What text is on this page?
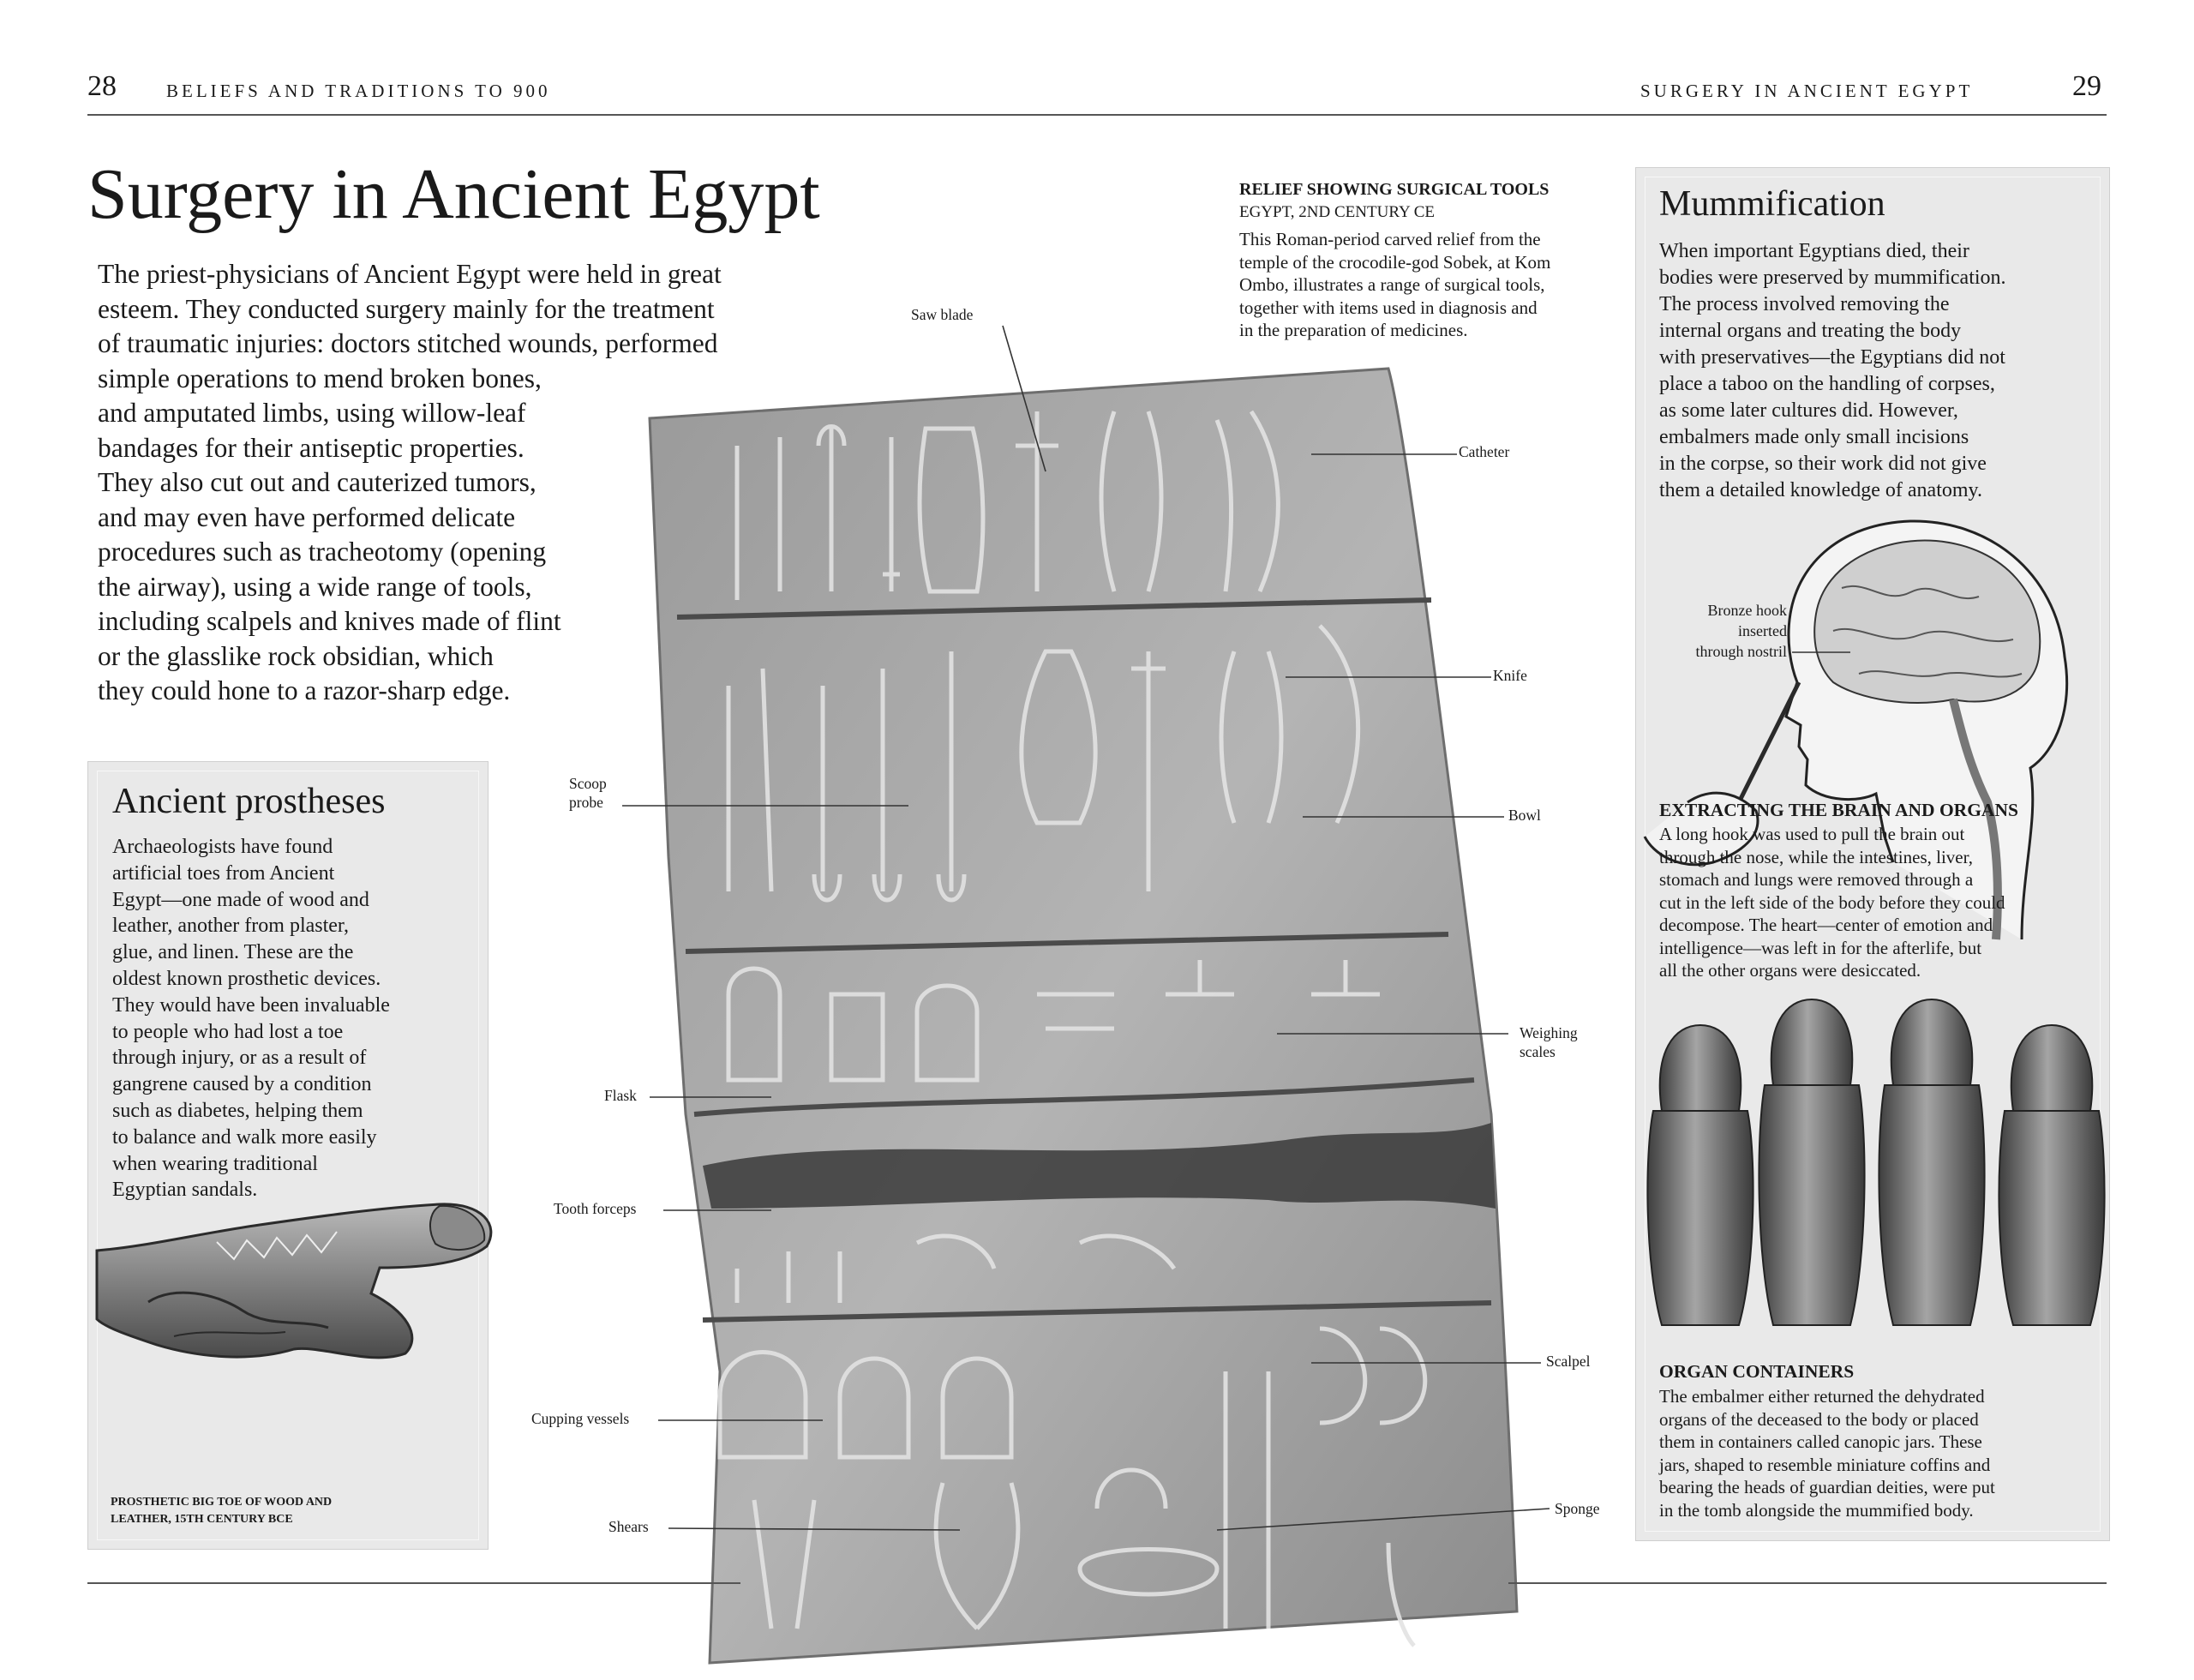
28	BELIEFS AND TRADITIONS TO 900	SURGERY IN ANCIENT EGYPT	29
Surgery in Ancient Egypt
The priest-physicians of Ancient Egypt were held in great
esteem. They conducted surgery mainly for the treatment
of traumatic injuries: doctors stitched wounds, performed
simple operations to mend broken bones,
and amputated limbs, using willow-leaf
bandages for their antiseptic properties.
They also cut out and cauterized tumors,
and may even have performed delicate
procedures such as tracheotomy (opening
the airway), using a wide range of tools,
including scalpels and knives made of flint
or the glasslike rock obsidian, which
they could hone to a razor-sharp edge.
Ancient prostheses
Archaeologists have found
artificial toes from Ancient
Egypt—one made of wood and
leather, another from plaster,
glue, and linen. These are the
oldest known prosthetic devices.
They would have been invaluable
to people who had lost a toe
through injury, or as a result of
gangrene caused by a condition
such as diabetes, helping them
to balance and walk more easily
when wearing traditional
Egyptian sandals.
PROSTHETIC BIG TOE OF WOOD AND
LEATHER, 15TH CENTURY BCE
RELIEF SHOWING SURGICAL TOOLS
EGYPT, 2ND CENTURY CE
This Roman-period carved relief from the
temple of the crocodile-god Sobek, at Kom
Ombo, illustrates a range of surgical tools,
together with items used in diagnosis and
in the preparation of medicines.
Saw blade
Catheter
Knife
Scoop
probe
Bowl
Weighing
scales
Flask
Tooth forceps
Scalpel
Cupping vessels
Sponge
Shears
Mummification
When important Egyptians died, their
bodies were preserved by mummification.
The process involved removing the
internal organs and treating the body
with preservatives—the Egyptians did not
place a taboo on the handling of corpses,
as some later cultures did. However,
embalmers made only small incisions
in the corpse, so their work did not give
them a detailed knowledge of anatomy.
Bronze hook
inserted
through nostril
EXTRACTING THE BRAIN AND ORGANS
A long hook was used to pull the brain out
through the nose, while the intestines, liver,
stomach and lungs were removed through a
cut in the left side of the body before they could
decompose. The heart—center of emotion and
intelligence—was left in for the afterlife, but
all the other organs were desiccated.
ORGAN CONTAINERS
The embalmer either returned the dehydrated
organs of the deceased to the body or placed
them in containers called canopic jars. These
jars, shaped to resemble miniature coffins and
bearing the heads of guardian deities, were put
in the tomb alongside the mummified body.
